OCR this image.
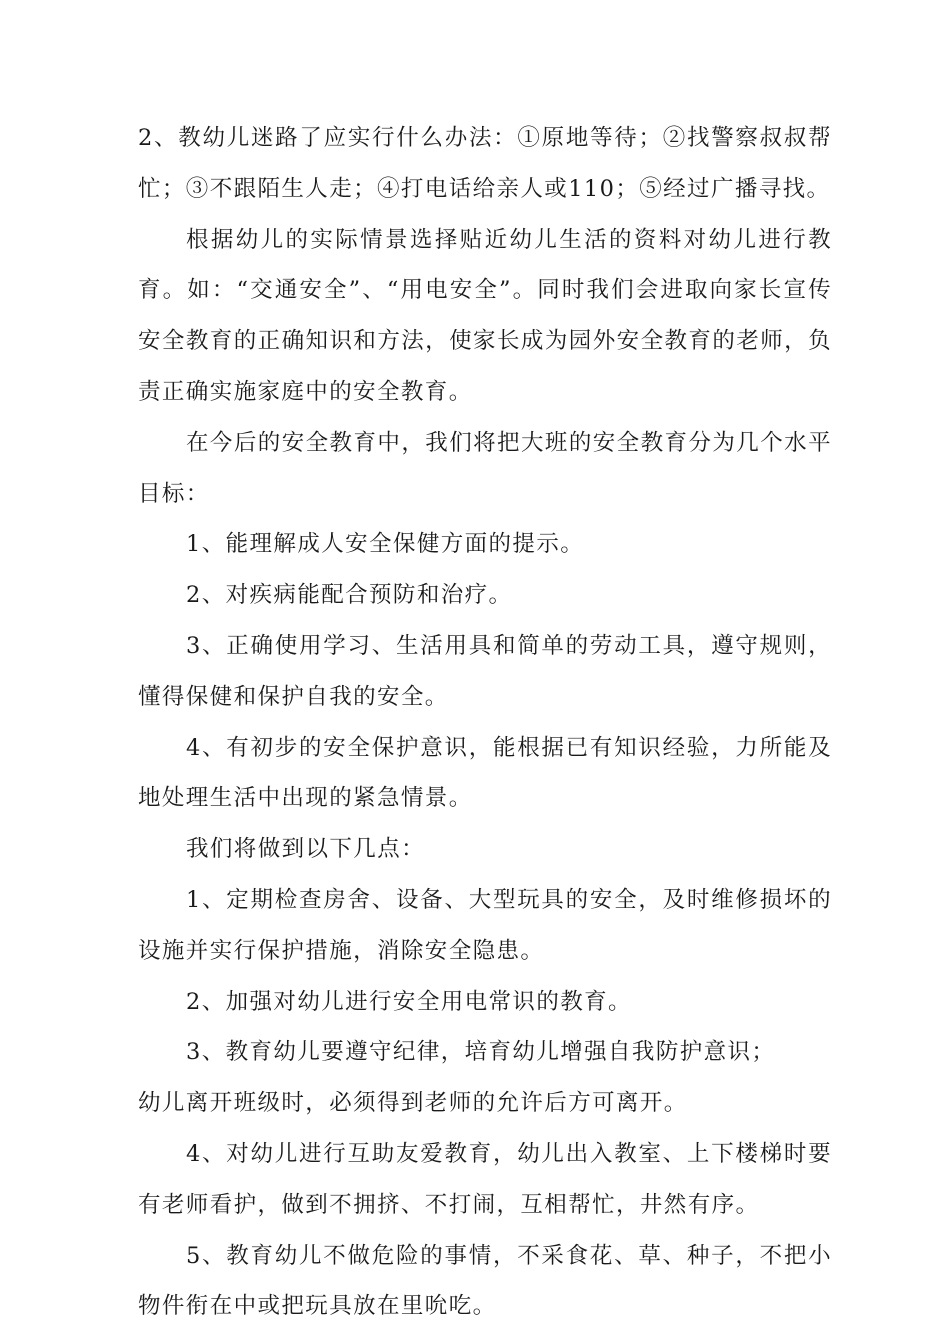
2、教幼儿迷路了应实行什么办法：①原地等待；②找警察叔叔帮忙；③不跟陌生人走；④打电话给亲人或110；⑤经过广播寻找。

根据幼儿的实际情景选择贴近幼儿生活的资料对幼儿进行教育。如：“交通安全”、“用电安全”。同时我们会进取向家长宣传安全教育的正确知识和方法，使家长成为园外安全教育的老师，负责正确实施家庭中的安全教育。

在今后的安全教育中，我们将把大班的安全教育分为几个水平目标：

1、能理解成人安全保健方面的提示。

2、对疾病能配合预防和治疗。

3、正确使用学习、生活用具和简单的劳动工具，遵守规则，懂得保健和保护自我的安全。

4、有初步的安全保护意识，能根据已有知识经验，力所能及地处理生活中出现的紧急情景。

我们将做到以下几点：

1、定期检查房舍、设备、大型玩具的安全，及时维修损坏的设施并实行保护措施，消除安全隐患。

2、加强对幼儿进行安全用电常识的教育。

3、教育幼儿要遵守纪律，培育幼儿增强自我防护意识；

幼儿离开班级时，必须得到老师的允许后方可离开。

4、对幼儿进行互助友爱教育，幼儿出入教室、上下楼梯时要有老师看护，做到不拥挤、不打闹，互相帮忙，井然有序。

5、教育幼儿不做危险的事情，不采食花、草、种子，不把小物件衔在中或把玩具放在里吮吃。
